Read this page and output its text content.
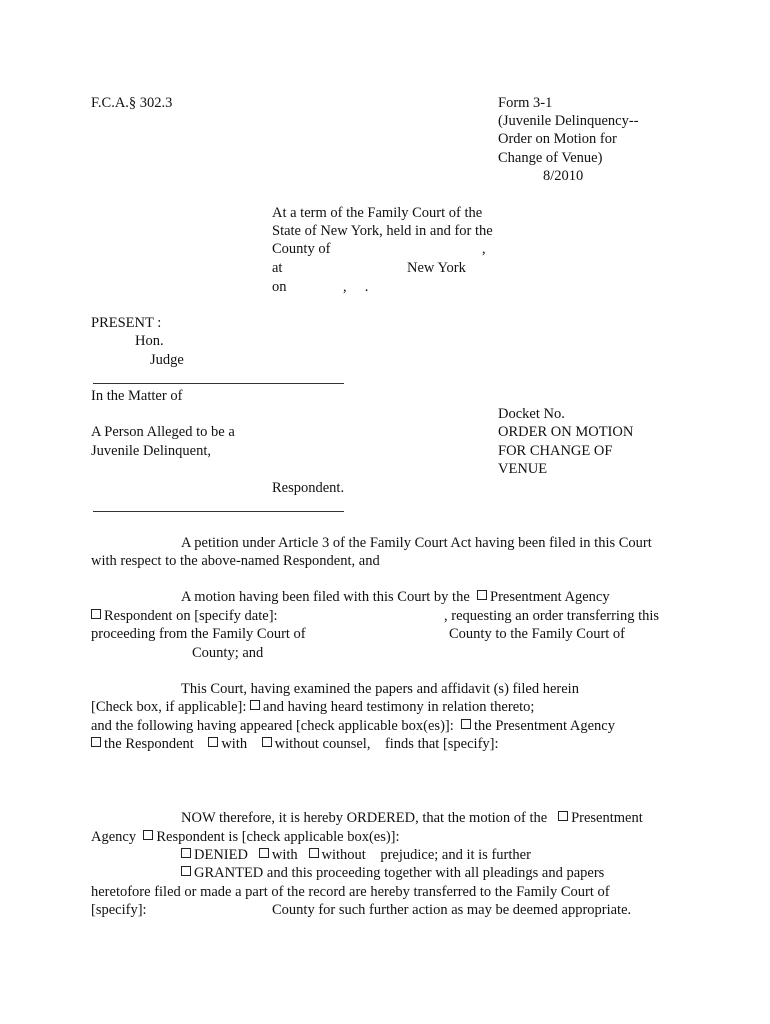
F.C.A.§ 302.3	Form 3-1
(Juvenile Delinquency--
Order on Motion for
Change of Venue)
8/2010
At a term of the Family Court of the
State of New York, held in and for the
County of	,
at	New York
on	,     .
PRESENT :
Hon.
Judge
In the Matter of
Docket No.
A Person Alleged to be a	ORDER ON MOTION
Juvenile Delinquent,	FOR CHANGE OF
VENUE
Respondent.
A petition under Article 3 of the Family Court Act having been filed in this Court
with respect to the above-named Respondent, and
A motion having been filed with this Court by the Presentment Agency
Respondent on [specify date]:	, requesting an order transferring this
proceeding from the Family Court of	County to the Family Court of
County; and
This Court, having examined the papers and affidavit (s) filed herein
[Check box, if applicable]: and having heard testimony in relation thereto;
and the following having appeared [check applicable box(es)]: the Presentment Agency
the Respondent with without counsel, finds that [specify]:
NOW therefore, it is hereby ORDERED, that the motion of the Presentment
Agency Respondent is [check applicable box(es)]:
DENIED with without prejudice; and it is further
GRANTED and this proceeding together with all pleadings and papers
heretofore filed or made a part of the record are hereby transferred to the Family Court of
[specify]:	County for such further action as may be deemed appropriate.
